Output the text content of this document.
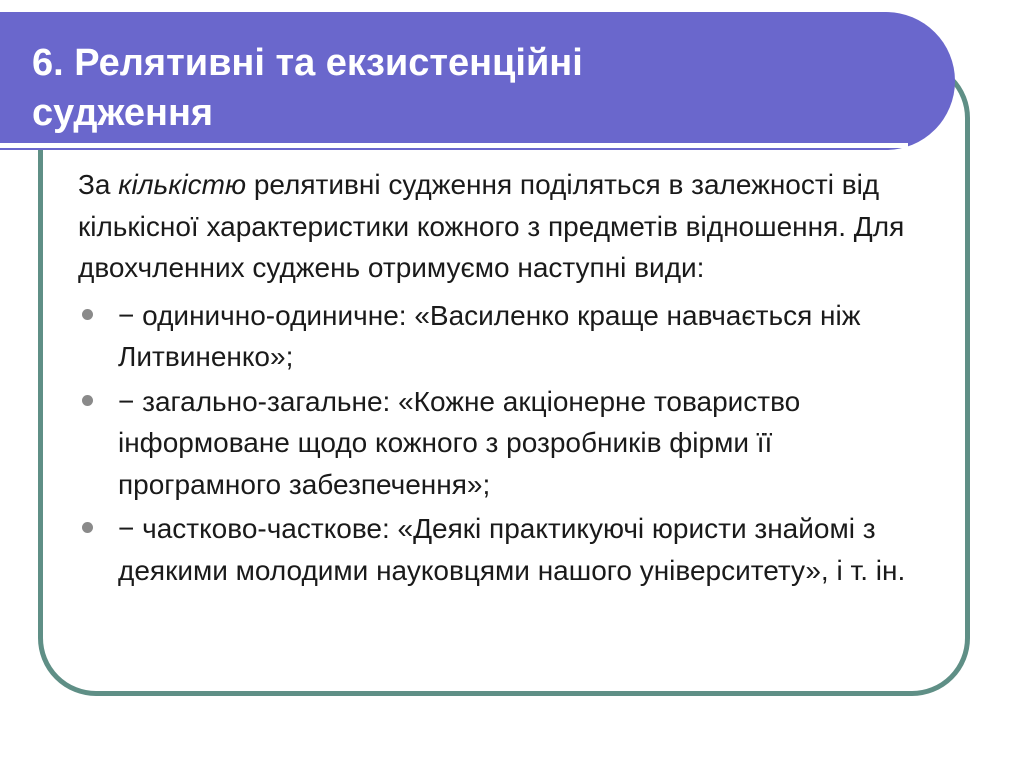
6. Релятивні та екзистенційні
судження

За кількістю релятивні судження поділяться в залежності від кількісної характеристики кожного з предметів відношення. Для двохчленних суджень отримуємо наступні види:

− одинично-одиничне: «Василенко краще навчається ніж Литвиненко»;
− загально-загальне: «Кожне акціонерне товариство інформоване щодо кожного з розробників фірми її програмного забезпечення»;
− частково-часткове: «Деякі практикуючі юристи знайомі з деякими молодими науковцями нашого університету», і т. ін.
